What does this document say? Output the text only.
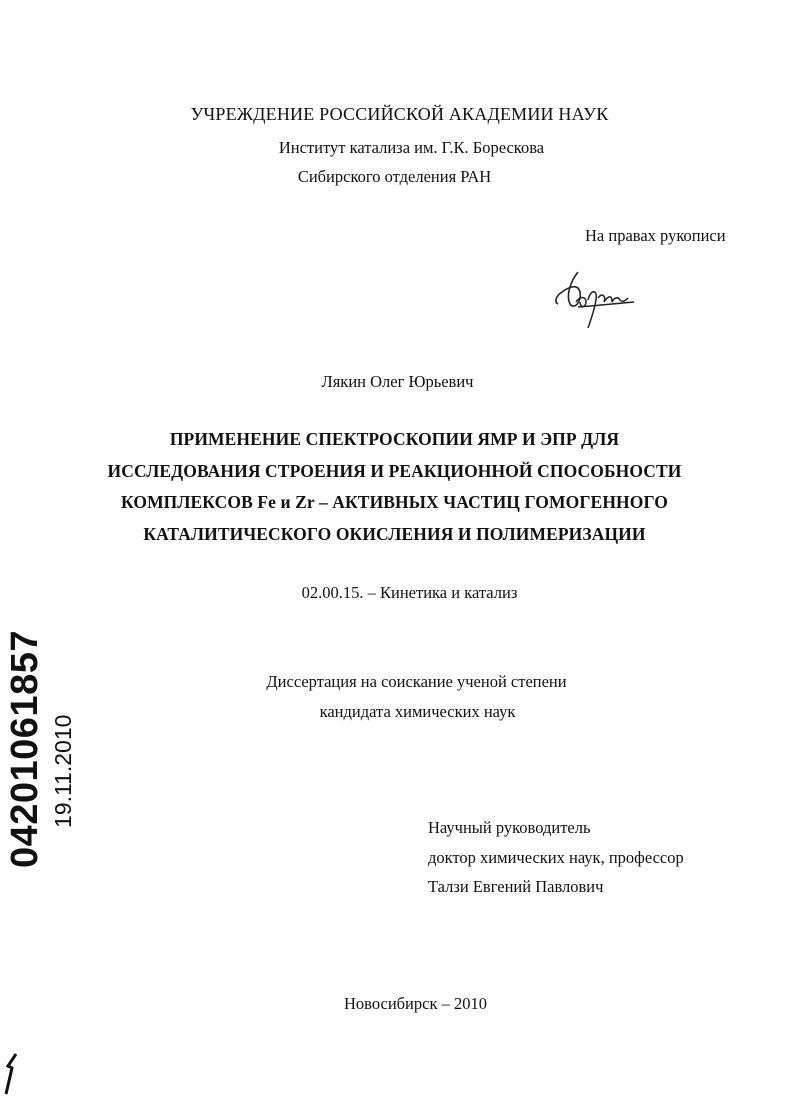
УЧРЕЖДЕНИЕ РОССИЙСКОЙ АКАДЕМИИ НАУК
Институт катализа им. Г.К. Борескова
Сибирского отделения РАН
На правах рукописи
Лякин Олег Юрьевич
ПРИМЕНЕНИЕ СПЕКТРОСКОПИИ ЯМР И ЭПР ДЛЯ
ИССЛЕДОВАНИЯ СТРОЕНИЯ И РЕАКЦИОННОЙ СПОСОБНОСТИ
КОМПЛЕКСОВ Fe и Zr – АКТИВНЫХ ЧАСТИЦ ГОМОГЕННОГО
КАТАЛИТИЧЕСКОГО ОКИСЛЕНИЯ И ПОЛИМЕРИЗАЦИИ
02.00.15. – Кинетика и катализ
Диссертация на соискание ученой степени
кандидата химических наук
Научный руководитель
доктор химических наук, профессор
Талзи Евгений Павлович
Новосибирск – 2010
04201061857 19.11.2010
